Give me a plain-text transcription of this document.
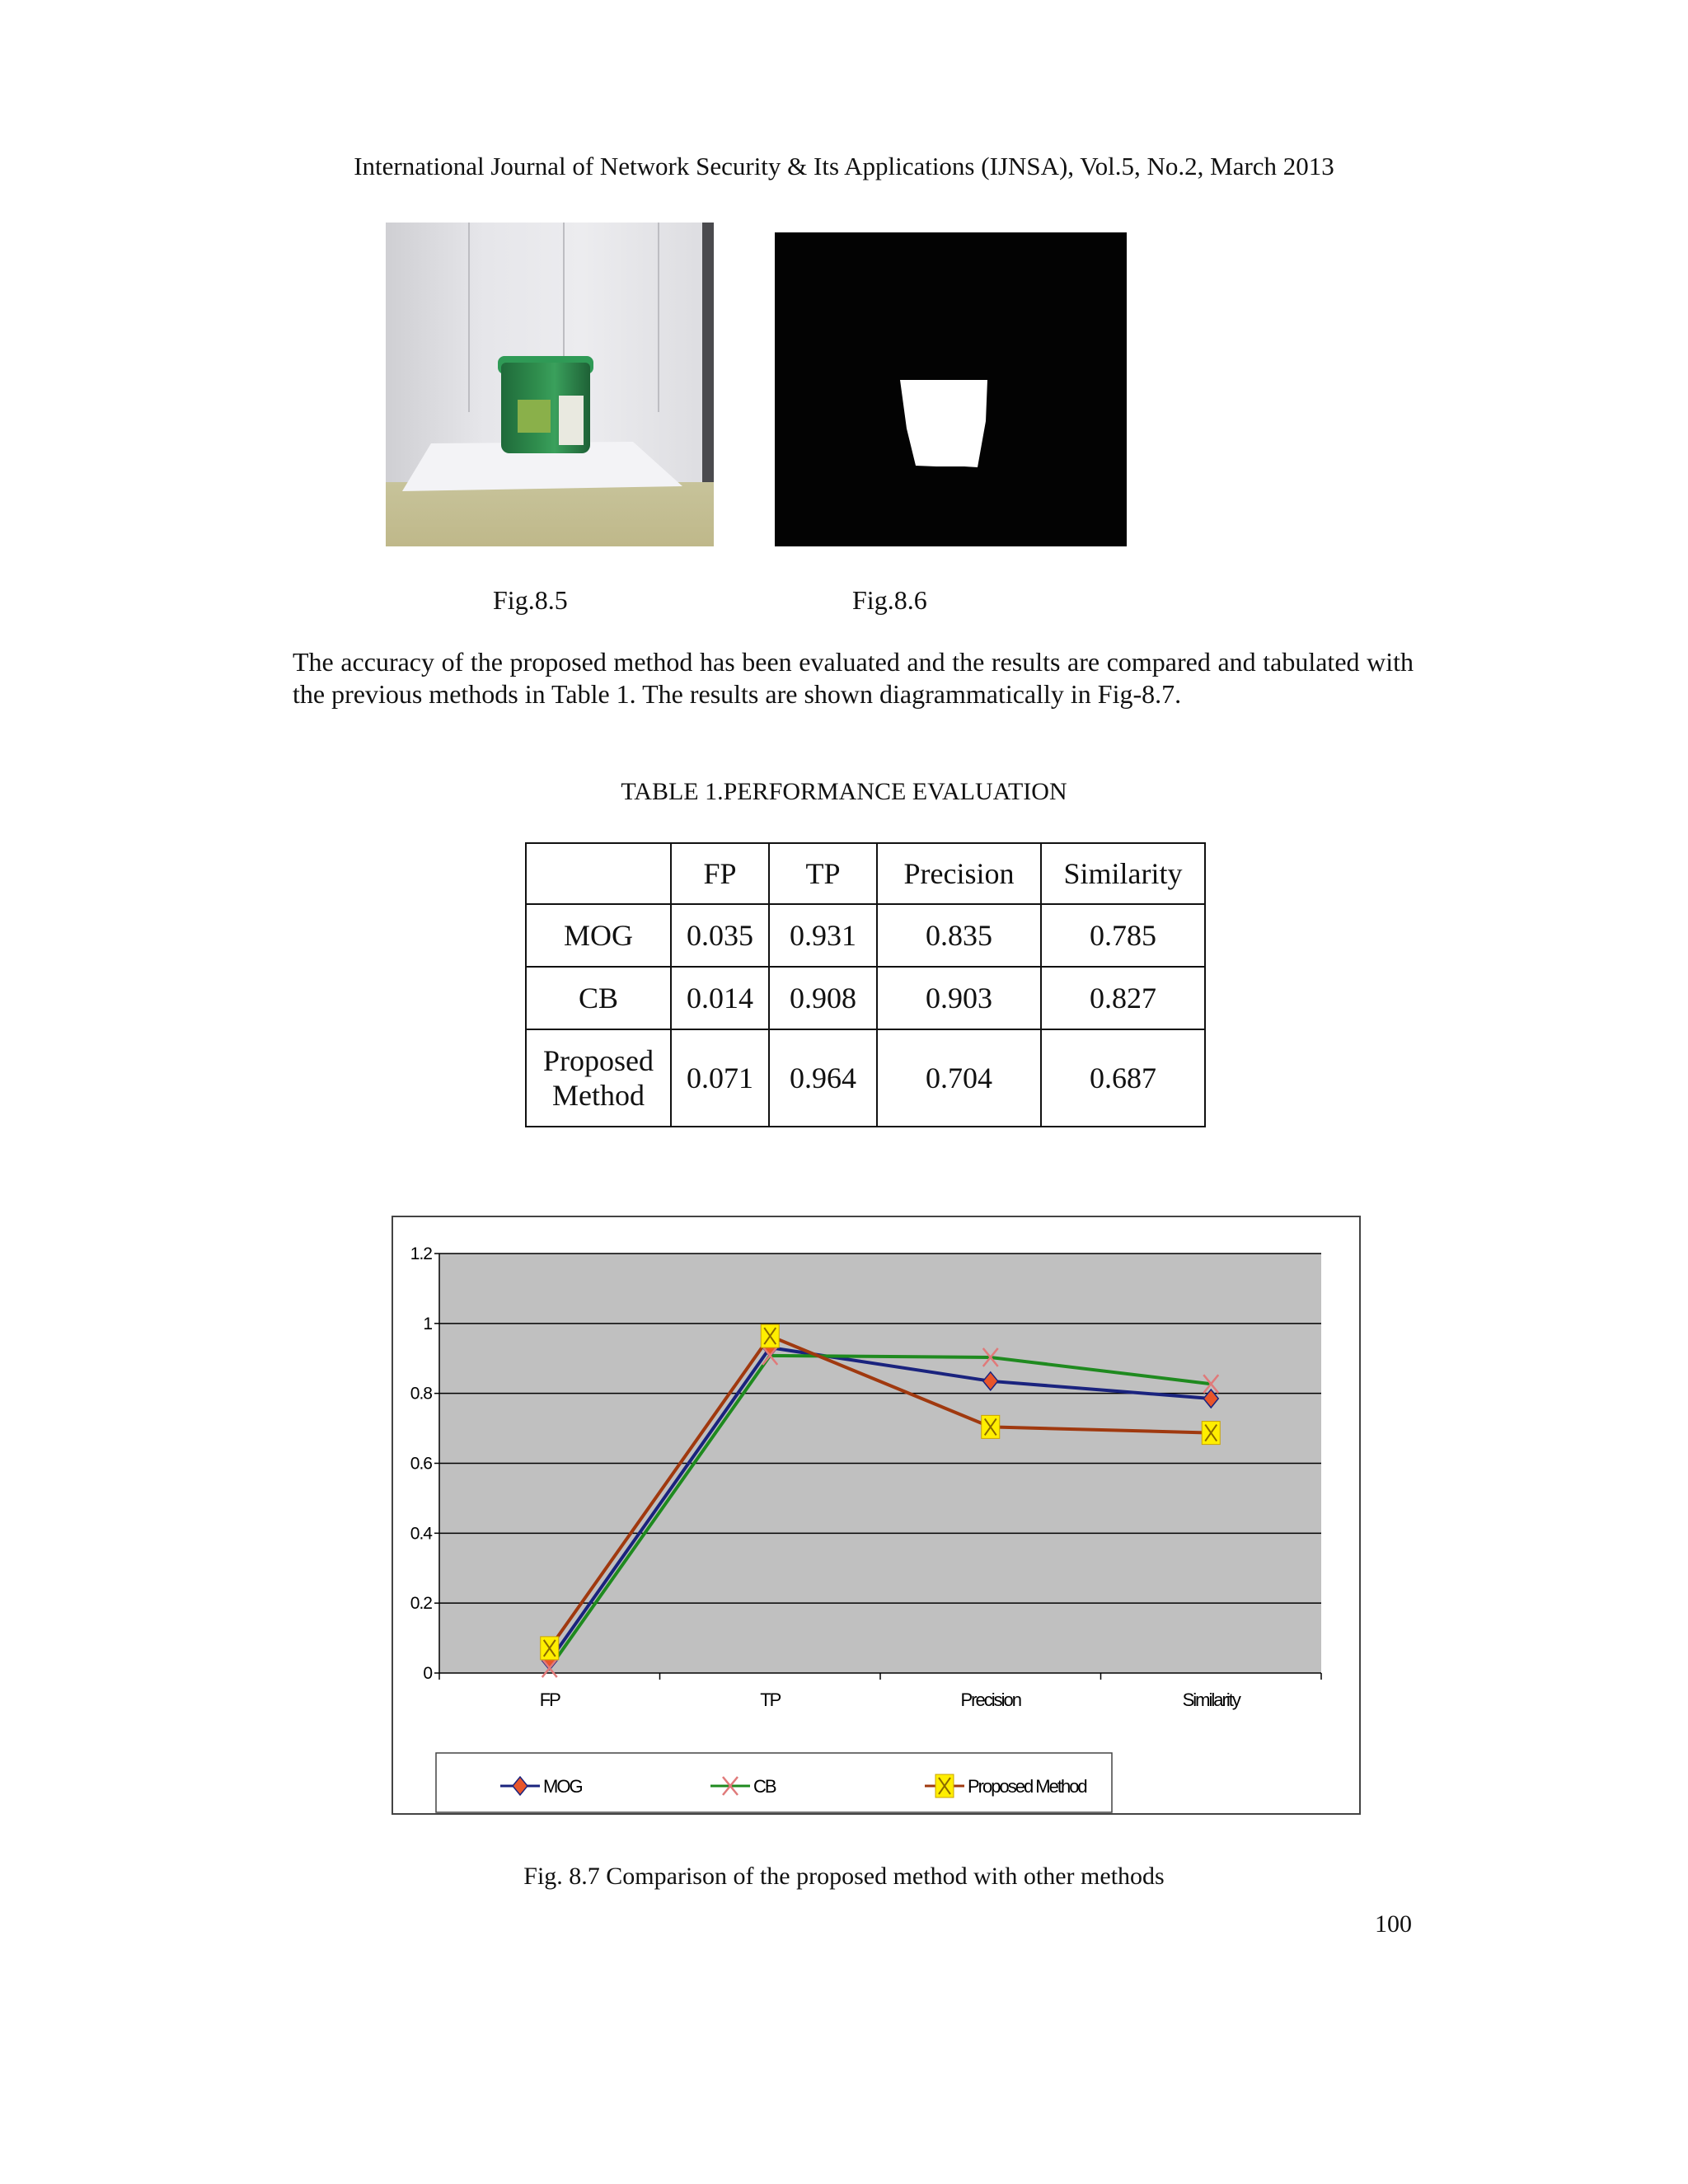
International Journal of Network Security & Its Applications (IJNSA), Vol.5, No.2, March 2013
Fig.8.5	Fig.8.6
The accuracy of the proposed method has been evaluated and the results are compared and tabulated with the previous methods in Table 1. The results are shown diagrammatically in Fig-8.7.
TABLE 1.PERFORMANCE EVALUATION
	FP	TP	Precision	Similarity
MOG	0.035	0.931	0.835	0.785
CB	0.014	0.908	0.903	0.827
Proposed Method	0.071	0.964	0.704	0.687
0
0.2
0.4
0.6
0.8
1
1.2
FP	TP	Precision	Similarity
MOG	CB	Proposed Method
Fig. 8.7 Comparison of the proposed method with other methods
100
